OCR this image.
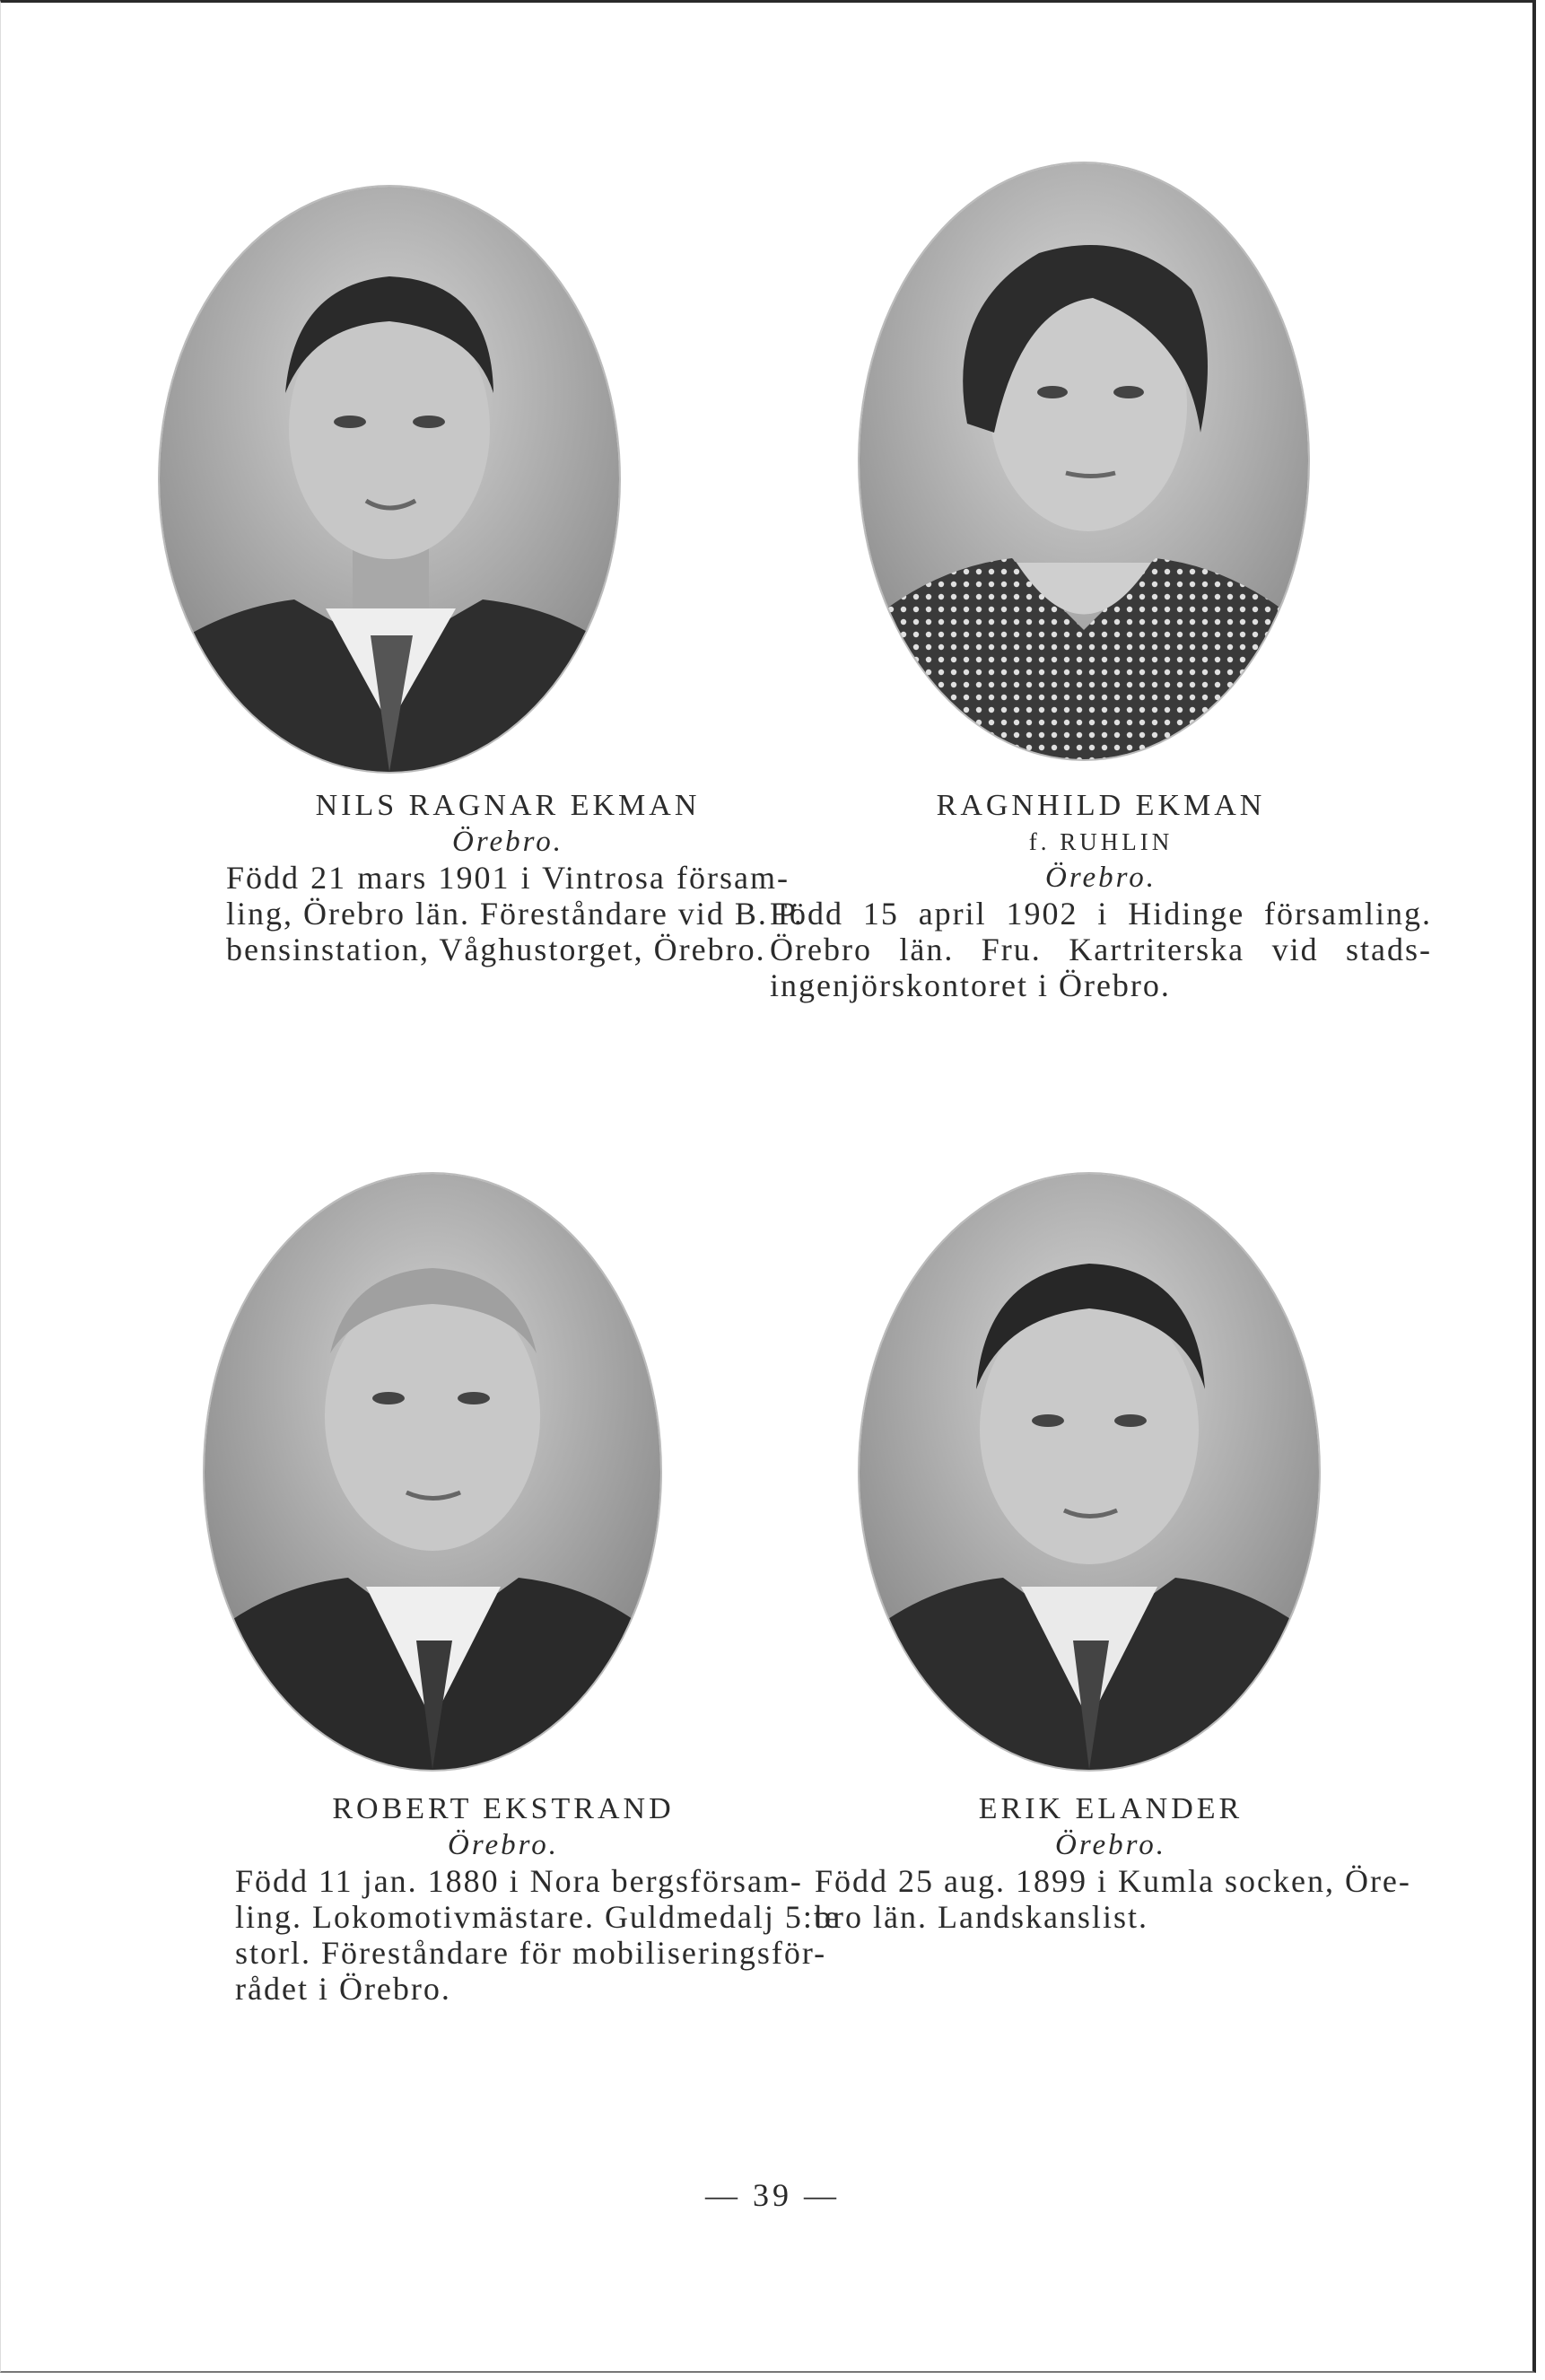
NILS RAGNAR EKMAN
Örebro.
Född 21 mars 1901 i Vintrosa försam-
ling, Örebro län. Föreståndare vid B. P.
bensinstation, Våghustorget, Örebro.
RAGNHILD EKMAN
f. RUHLIN
Örebro.
Född 15 april 1902 i Hidinge församling.
Örebro län. Fru. Kartriterska vid stads-
ingenjörskontoret i Örebro.
ROBERT EKSTRAND
Örebro.
Född 11 jan. 1880 i Nora bergsförsam-
ling. Lokomotivmästare. Guldmedalj 5:te
storl. Föreståndare för mobiliseringsför-
rådet i Örebro.
ERIK ELANDER
Örebro.
Född 25 aug. 1899 i Kumla socken, Öre-
bro län. Landskanslist.
— 39 —
